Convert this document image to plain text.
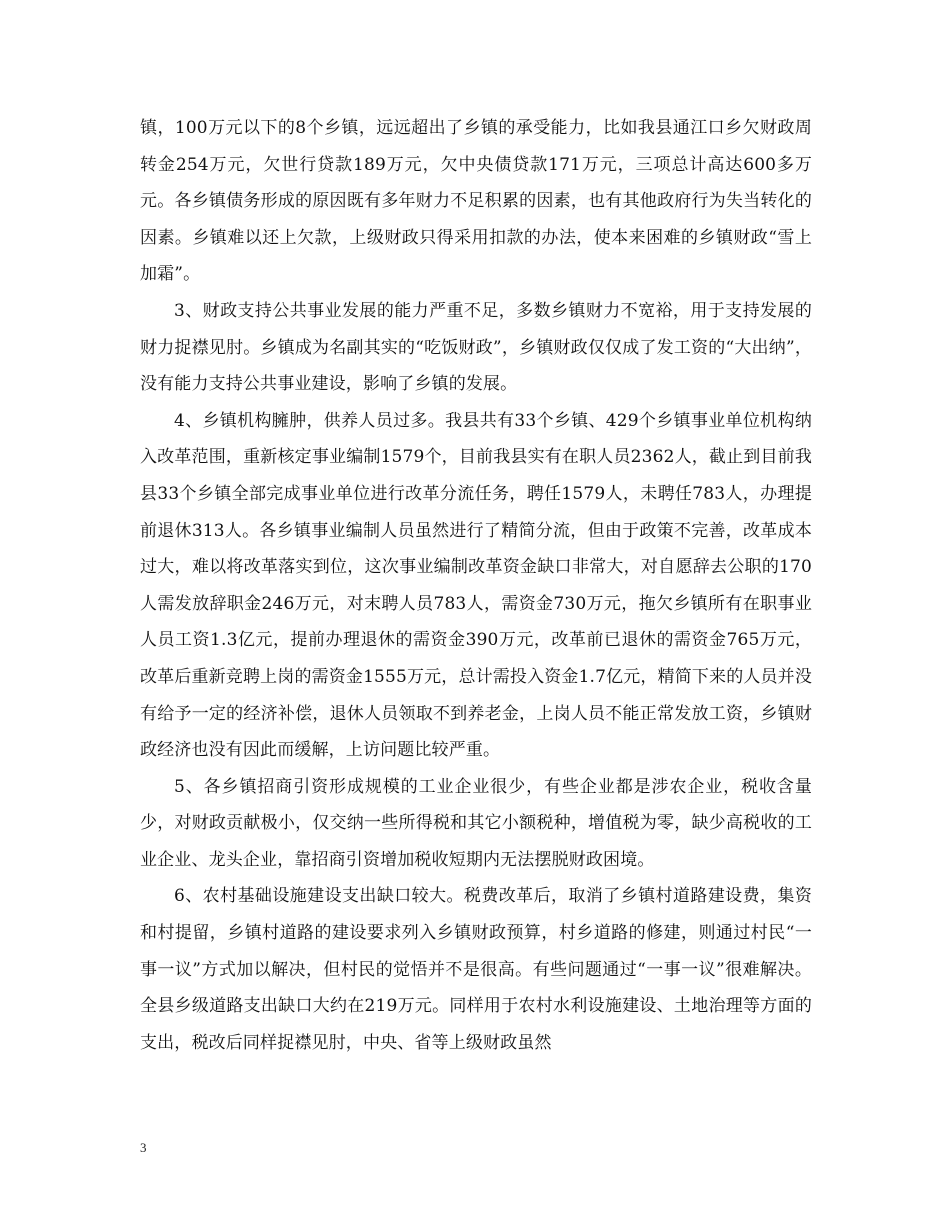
镇，100万元以下的8个乡镇，远远超出了乡镇的承受能力，比如我县通江口乡欠财政周转金254万元，欠世行贷款189万元，欠中央债贷款171万元，三项总计高达600多万元。各乡镇债务形成的原因既有多年财力不足积累的因素，也有其他政府行为失当转化的因素。乡镇难以还上欠款，上级财政只得采用扣款的办法，使本来困难的乡镇财政“雪上加霜”。

3、财政支持公共事业发展的能力严重不足，多数乡镇财力不宽裕，用于支持发展的财力捉襟见肘。乡镇成为名副其实的“吃饭财政”，乡镇财政仅仅成了发工资的“大出纳”，没有能力支持公共事业建设，影响了乡镇的发展。

4、乡镇机构臃肿，供养人员过多。我县共有33个乡镇、429个乡镇事业单位机构纳入改革范围，重新核定事业编制1579个，目前我县实有在职人员2362人，截止到目前我县33个乡镇全部完成事业单位进行改革分流任务，聘任1579人，未聘任783人，办理提前退休313人。各乡镇事业编制人员虽然进行了精简分流，但由于政策不完善，改革成本过大，难以将改革落实到位，这次事业编制改革资金缺口非常大，对自愿辞去公职的170人需发放辞职金246万元，对末聘人员783人，需资金730万元，拖欠乡镇所有在职事业人员工资1.3亿元，提前办理退休的需资金390万元，改革前已退休的需资金765万元，改革后重新竞聘上岗的需资金1555万元，总计需投入资金1.7亿元，精简下来的人员并没有给予一定的经济补偿，退休人员领取不到养老金，上岗人员不能正常发放工资，乡镇财政经济也没有因此而缓解，上访问题比较严重。

5、各乡镇招商引资形成规模的工业企业很少，有些企业都是涉农企业，税收含量少，对财政贡献极小，仅交纳一些所得税和其它小额税种，增值税为零，缺少高税收的工业企业、龙头企业，靠招商引资增加税收短期内无法摆脱财政困境。

6、农村基础设施建设支出缺口较大。税费改革后，取消了乡镇村道路建设费，集资和村提留，乡镇村道路的建设要求列入乡镇财政预算，村乡道路的修建，则通过村民“一事一议”方式加以解决，但村民的觉悟并不是很高。有些问题通过“一事一议”很难解决。全县乡级道路支出缺口大约在219万元。同样用于农村水利设施建设、土地治理等方面的支出，税改后同样捉襟见肘，中央、省等上级财政虽然

3
